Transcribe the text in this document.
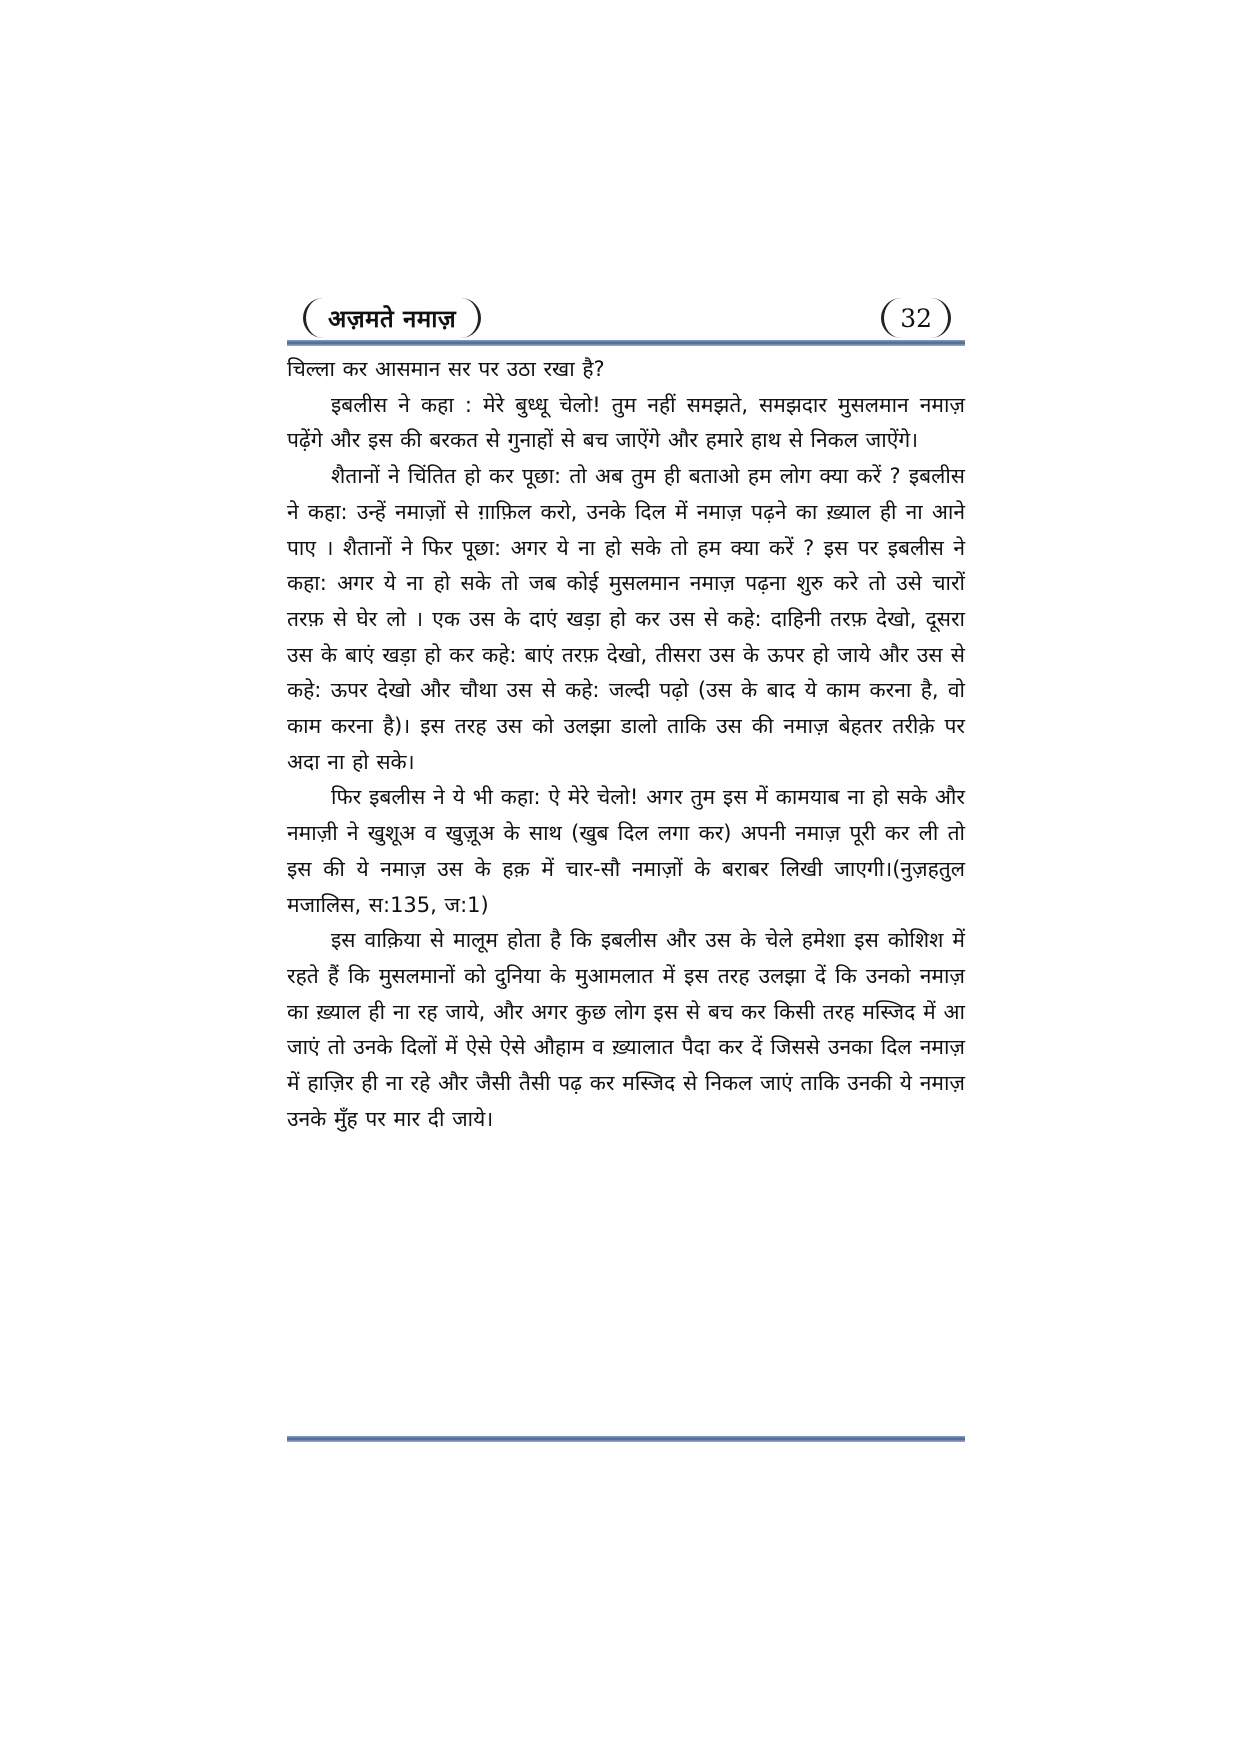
अज़मते नमाज़	32

चिल्ला कर आसमान सर पर उठा रखा है?

इबलीस ने कहा : मेरे बुध्धू चेलो! तुम नहीं समझते, समझदार मुसलमान नमाज़ पढ़ेंगे और इस की बरकत से गुनाहों से बच जाऐंगे और हमारे हाथ से निकल जाऐंगे।

शैतानों ने चिंतित हो कर पूछा: तो अब तुम ही बताओ हम लोग क्या करें ? इबलीस ने कहा: उन्हें नमाज़ों से ग़ाफ़िल करो, उनके दिल में नमाज़ पढ़ने का ख़्याल ही ना आने पाए । शैतानों ने फिर पूछा: अगर ये ना हो सके तो हम क्या करें ? इस पर इबलीस ने कहा: अगर ये ना हो सके तो जब कोई मुसलमान नमाज़ पढ़ना शुरु करे तो उसे चारों तरफ़ से घेर लो । एक उस के दाएं खड़ा हो कर उस से कहे: दाहिनी तरफ़ देखो, दूसरा उस के बाएं खड़ा हो कर कहे: बाएं तरफ़ देखो, तीसरा उस के ऊपर हो जाये और उस से कहे: ऊपर देखो और चौथा उस से कहे: जल्दी पढ़ो (उस के बाद ये काम करना है, वो काम करना है)। इस तरह उस को उलझा डालो ताकि उस की नमाज़ बेहतर तरीक़े पर अदा ना हो सके।

फिर इबलीस ने ये भी कहा: ऐ मेरे चेलो! अगर तुम इस में कामयाब ना हो सके और नमाज़ी ने खुशूअ व खुज़ूअ के साथ (खुब दिल लगा कर) अपनी नमाज़ पूरी कर ली तो इस की ये नमाज़ उस के हक़ में चार-सौ नमाज़ों के बराबर लिखी जाएगी।(नुज़हतुल मजालिस, स:135, ज:1)

इस वाक़िया से मालूम होता है कि इबलीस और उस के चेले हमेशा इस कोशिश में रहते हैं कि मुसलमानों को दुनिया के मुआमलात में इस तरह उलझा दें कि उनको नमाज़ का ख़्याल ही ना रह जाये, और अगर कुछ लोग इस से बच कर किसी तरह मस्जिद में आ जाएं तो उनके दिलों में ऐसे ऐसे औहाम व ख़्यालात पैदा कर दें जिससे उनका दिल नमाज़ में हाज़िर ही ना रहे और जैसी तैसी पढ़ कर मस्जिद से निकल जाएं ताकि उनकी ये नमाज़ उनके मुँह पर मार दी जाये।
